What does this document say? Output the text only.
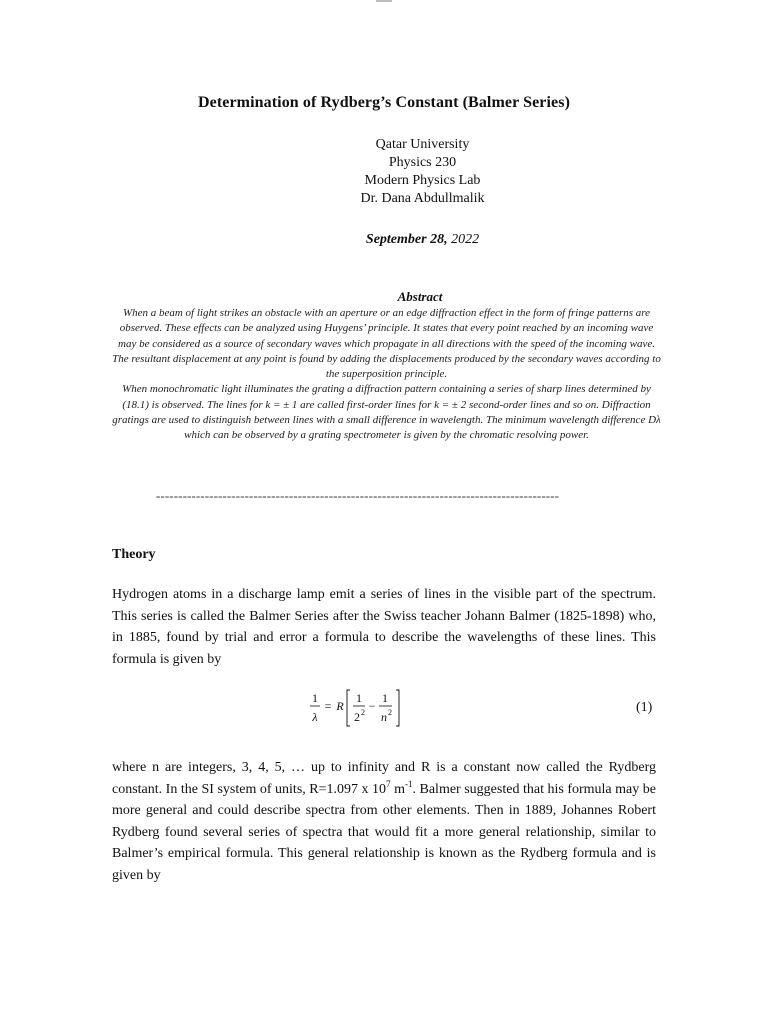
Determination of Rydberg’s Constant (Balmer Series)
Qatar University
Physics 230
Modern Physics Lab
Dr. Dana Abdullmalik
September 28, 2022
Abstract

When a beam of light strikes an obstacle with an aperture or an edge diffraction effect in the form of fringe patterns are observed. These effects can be analyzed using Huygens’ principle. It states that every point reached by an incoming wave may be considered as a source of secondary waves which propagate in all directions with the speed of the incoming wave. The resultant displacement at any point is found by adding the displacements produced by the secondary waves according to the superposition principle.

When monochromatic light illuminates the grating a diffraction pattern containing a series of sharp lines determined by (18.1) is observed. The lines for k = ± 1 are called first-order lines for k = ± 2 second-order lines and so on. Diffraction gratings are used to distinguish between lines with a small difference in wavelength. The minimum wavelength difference Dλ which can be observed by a grating spectrometer is given by the chromatic resolving power.

-------------------------------------------------------------------------------------------
Theory

Hydrogen atoms in a discharge lamp emit a series of lines in the visible part of the spectrum. This series is called the Balmer Series after the Swiss teacher Johann Balmer (1825-1898) who, in 1885, found by trial and error a formula to describe the wavelengths of these lines. This formula is given by

1
λ
= R
1
2 2 −
1
n 2	(1)

where n are integers, 3, 4, 5, … up to infinity and R is a constant now called the Rydberg constant. In the SI system of units, R=1.097 x $10^7$ $m^{-1}$. Balmer suggested that his formula may be more general and could describe spectra from other elements. Then in 1889, Johannes Robert Rydberg found several series of spectra that would fit a more general relationship, similar to Balmer’s empirical formula. This general relationship is known as the Rydberg formula and is given by
